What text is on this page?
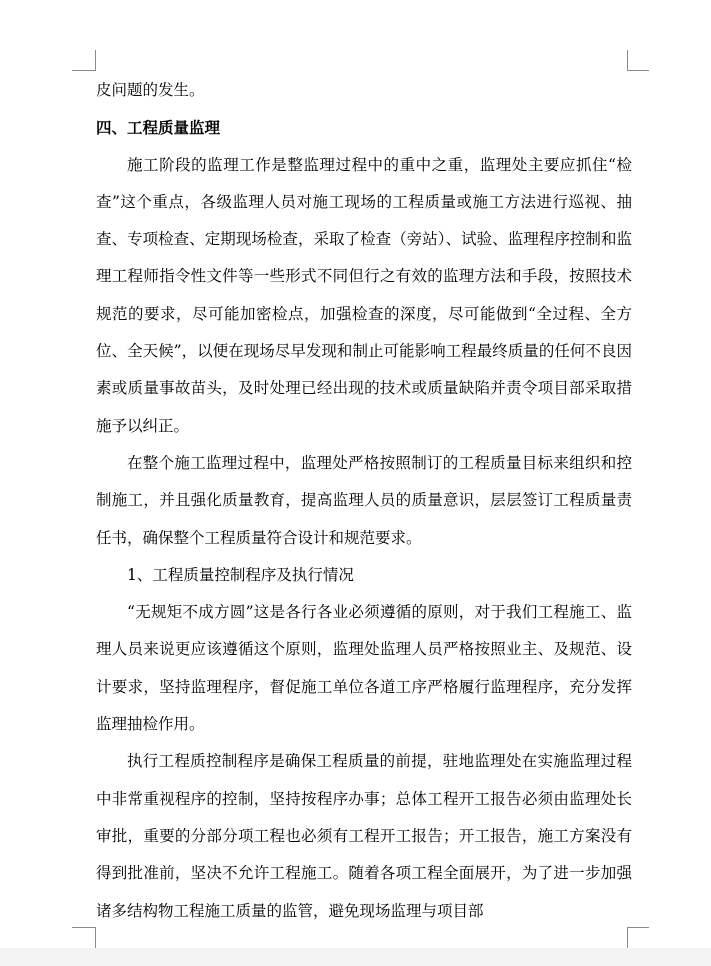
皮问题的发生。

四、工程质量监理

施工阶段的监理工作是整监理过程中的重中之重，监理处主要应抓住“检查”这个重点，各级监理人员对施工现场的工程质量或施工方法进行巡视、抽查、专项检查、定期现场检查，采取了检查（旁站）、试验、监理程序控制和监理工程师指令性文件等一些形式不同但行之有效的监理方法和手段，按照技术规范的要求，尽可能加密检点，加强检查的深度，尽可能做到“全过程、全方位、全天候”，以便在现场尽早发现和制止可能影响工程最终质量的任何不良因素或质量事故苗头，及时处理已经出现的技术或质量缺陷并责令项目部采取措施予以纠正。

在整个施工监理过程中，监理处严格按照制订的工程质量目标来组织和控制施工，并且强化质量教育，提高监理人员的质量意识，层层签订工程质量责任书，确保整个工程质量符合设计和规范要求。

1、工程质量控制程序及执行情况

“无规矩不成方圆”这是各行各业必须遵循的原则，对于我们工程施工、监理人员来说更应该遵循这个原则，监理处监理人员严格按照业主、及规范、设计要求，坚持监理程序，督促施工单位各道工序严格履行监理程序，充分发挥监理抽检作用。

执行工程质控制程序是确保工程质量的前提，驻地监理处在实施监理过程中非常重视程序的控制，坚持按程序办事；总体工程开工报告必须由监理处长审批，重要的分部分项工程也必须有工程开工报告；开工报告，施工方案没有得到批准前，坚决不允许工程施工。随着各项工程全面展开，为了进一步加强诸多结构物工程施工质量的监管，避免现场监理与项目部
